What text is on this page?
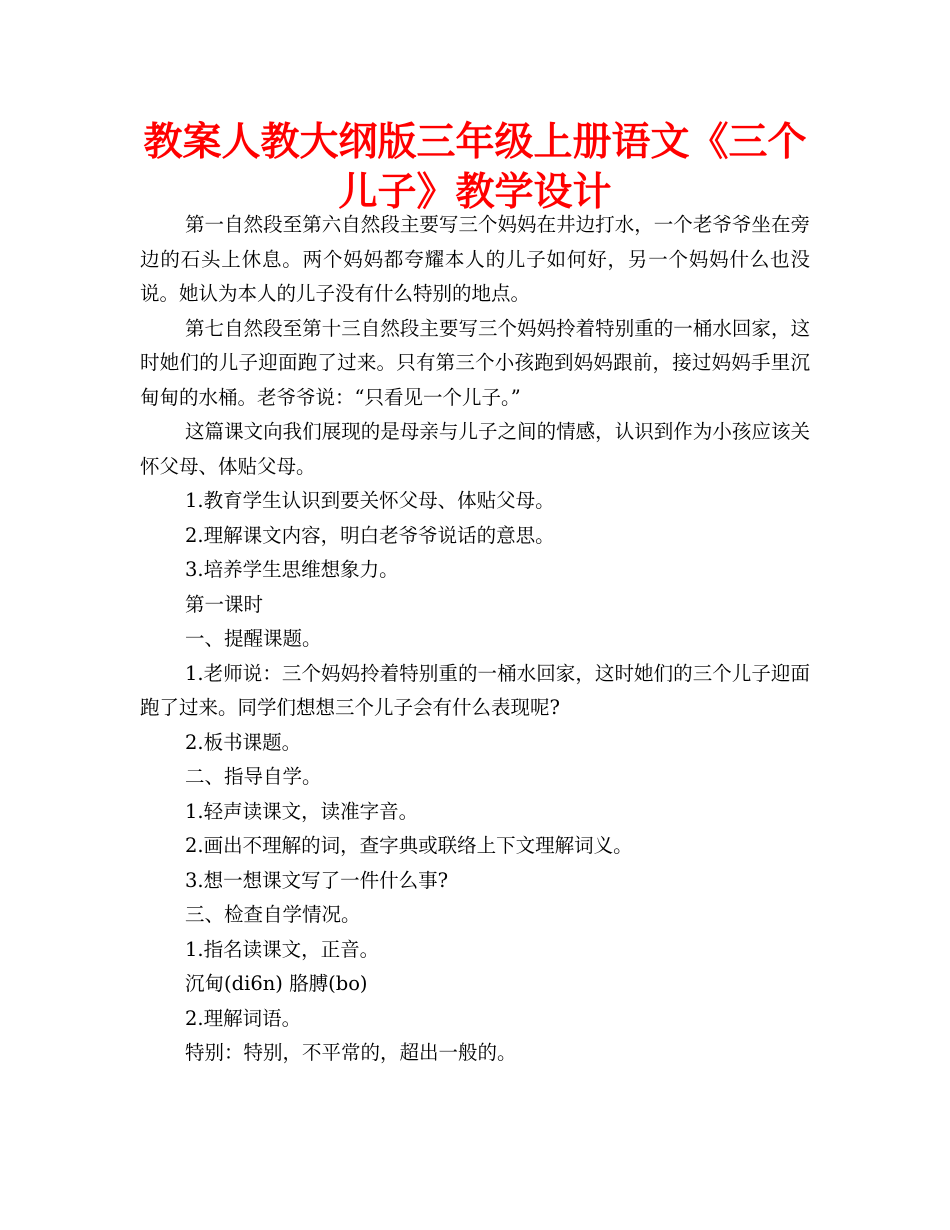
教案人教大纲版三年级上册语文《三个儿子》教学设计

第一自然段至第六自然段主要写三个妈妈在井边打水，一个老爷爷坐在旁边的石头上休息。两个妈妈都夸耀本人的儿子如何好，另一个妈妈什么也没说。她认为本人的儿子没有什么特别的地点。

第七自然段至第十三自然段主要写三个妈妈拎着特别重的一桶水回家，这时她们的儿子迎面跑了过来。只有第三个小孩跑到妈妈跟前，接过妈妈手里沉甸甸的水桶。老爷爷说：“只看见一个儿子。”

这篇课文向我们展现的是母亲与儿子之间的情感，认识到作为小孩应该关怀父母、体贴父母。

1.教育学生认识到要关怀父母、体贴父母。

2.理解课文内容，明白老爷爷说话的意思。

3.培养学生思维想象力。

第一课时

一、提醒课题。

1.老师说：三个妈妈拎着特别重的一桶水回家，这时她们的三个儿子迎面跑了过来。同学们想想三个儿子会有什么表现呢?

2.板书课题。

二、指导自学。

1.轻声读课文，读准字音。

2.画出不理解的词，查字典或联络上下文理解词义。

3.想一想课文写了一件什么事?

三、检查自学情况。

1.指名读课文，正音。

沉甸(di6n) 胳膊(bo)

2.理解词语。

特别：特别，不平常的，超出一般的。
